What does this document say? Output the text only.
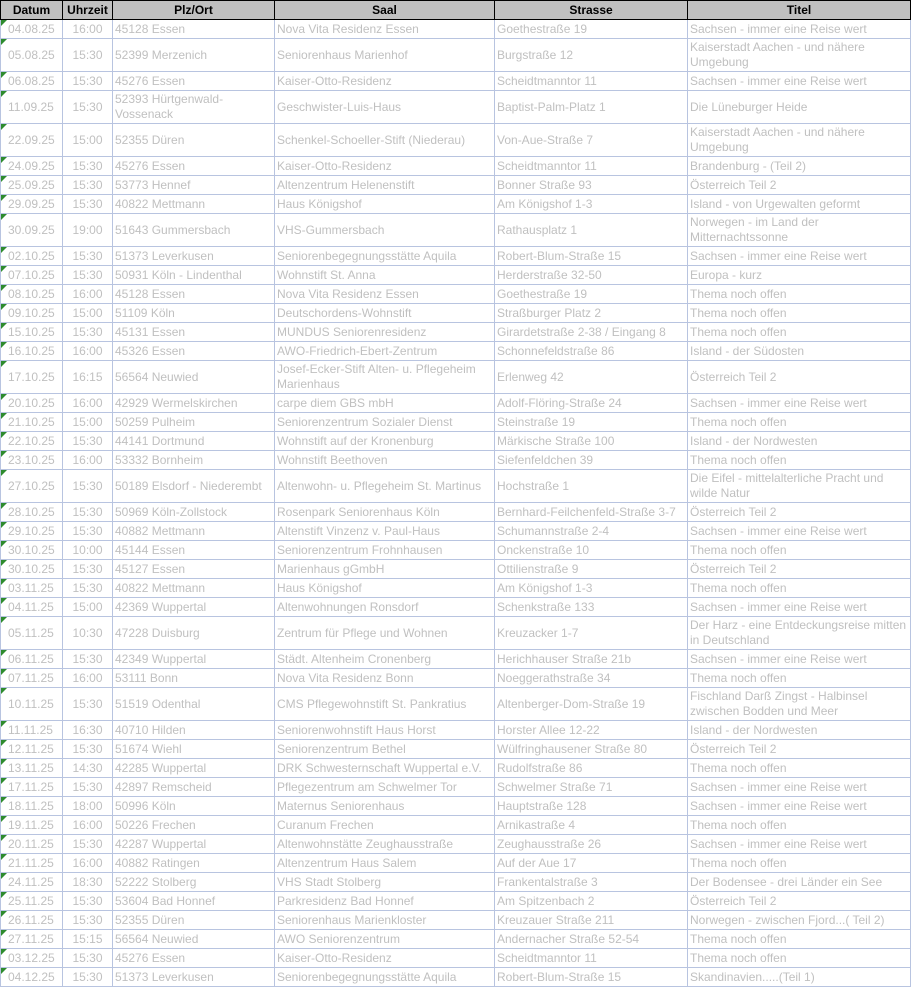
Datum	Uhrzeit	Plz/Ort	Saal	Strasse	Titel

04.08.25	16:00	45128 Essen	Nova Vita Residenz Essen	Goethestraße 19	Sachsen - immer eine Reise wert

05.08.25	15:30	52399 Merzenich	Seniorenhaus Marienhof	Burgstraße 12	Kaiserstadt Aachen - und nähere Umgebung

06.08.25	15:30	45276 Essen	Kaiser-Otto-Residenz	Scheidtmanntor 11	Sachsen - immer eine Reise wert

11.09.25	15:30	52393 Hürtgenwald-Vossenack	Geschwister-Luis-Haus	Baptist-Palm-Platz 1	Die Lüneburger Heide

22.09.25	15:00	52355 Düren	Schenkel-Schoeller-Stift (Niederau)	Von-Aue-Straße 7	Kaiserstadt Aachen - und nähere Umgebung

24.09.25	15:30	45276 Essen	Kaiser-Otto-Residenz	Scheidtmanntor 11	Brandenburg - (Teil 2)

25.09.25	15:30	53773 Hennef	Altenzentrum Helenenstift	Bonner Straße 93	Österreich Teil 2

29.09.25	15:30	40822 Mettmann	Haus Königshof	Am Königshof 1-3	Island - von Urgewalten geformt

30.09.25	19:00	51643 Gummersbach	VHS-Gummersbach	Rathausplatz 1	Norwegen - im Land der Mitternachtssonne

02.10.25	15:30	51373 Leverkusen	Seniorenbegegnungsstätte Aquila	Robert-Blum-Straße 15	Sachsen - immer eine Reise wert

07.10.25	15:30	50931 Köln - Lindenthal	Wohnstift St. Anna	Herderstraße 32-50	Europa - kurz

08.10.25	16:00	45128 Essen	Nova Vita Residenz Essen	Goethestraße 19	Thema noch offen

09.10.25	15:00	51109 Köln	Deutschordens-Wohnstift	Straßburger Platz 2	Thema noch offen

15.10.25	15:30	45131 Essen	MUNDUS Seniorenresidenz	Girardetstraße 2-38 / Eingang 8	Thema noch offen

16.10.25	16:00	45326 Essen	AWO-Friedrich-Ebert-Zentrum	Schonnefeldstraße 86	Island - der Südosten

17.10.25	16:15	56564 Neuwied	Josef-Ecker-Stift Alten- u. Pflegeheim Marienhaus	Erlenweg 42	Österreich Teil 2

20.10.25	16:00	42929 Wermelskirchen	carpe diem GBS mbH	Adolf-Flöring-Straße 24	Sachsen - immer eine Reise wert

21.10.25	15:00	50259 Pulheim	Seniorenzentrum Sozialer Dienst	Steinstraße 19	Thema noch offen

22.10.25	15:30	44141 Dortmund	Wohnstift auf der Kronenburg	Märkische Straße 100	Island - der Nordwesten

23.10.25	16:00	53332 Bornheim	Wohnstift Beethoven	Siefenfeldchen 39	Thema noch offen

27.10.25	15:30	50189 Elsdorf - Niederembt	Altenwohn- u. Pflegeheim St. Martinus	Hochstraße 1	Die Eifel - mittelalterliche Pracht und wilde Natur

28.10.25	15:30	50969 Köln-Zollstock	Rosenpark Seniorenhaus Köln	Bernhard-Feilchenfeld-Straße 3-7	Österreich Teil 2

29.10.25	15:30	40882 Mettmann	Altenstift Vinzenz v. Paul-Haus	Schumannstraße 2-4	Sachsen - immer eine Reise wert

30.10.25	10:00	45144 Essen	Seniorenzentrum Frohnhausen	Onckenstraße 10	Thema noch offen

30.10.25	15:30	45127 Essen	Marienhaus gGmbH	Ottilienstraße 9	Österreich Teil 2

03.11.25	15:30	40822 Mettmann	Haus Königshof	Am Königshof 1-3	Thema noch offen

04.11.25	15:00	42369 Wuppertal	Altenwohnungen Ronsdorf	Schenkstraße 133	Sachsen - immer eine Reise wert

05.11.25	10:30	47228 Duisburg	Zentrum für Pflege und Wohnen	Kreuzacker 1-7	Der Harz - eine Entdeckungsreise mitten in Deutschland

06.11.25	15:30	42349 Wuppertal	Städt. Altenheim Cronenberg	Herichhauser Straße 21b	Sachsen - immer eine Reise wert

07.11.25	16:00	53111 Bonn	Nova Vita Residenz Bonn	Noeggerathstraße 34	Thema noch offen

10.11.25	15:30	51519 Odenthal	CMS Pflegewohnstift St. Pankratius	Altenberger-Dom-Straße 19	Fischland Darß Zingst - Halbinsel zwischen Bodden und Meer

11.11.25	16:30	40710 Hilden	Seniorenwohnstift Haus Horst	Horster Allee 12-22	Island - der Nordwesten

12.11.25	15:30	51674 Wiehl	Seniorenzentrum Bethel	Wülfringhausener Straße 80	Österreich Teil 2

13.11.25	14:30	42285 Wuppertal	DRK Schwesternschaft Wuppertal e.V.	Rudolfstraße 86	Thema noch offen

17.11.25	15:30	42897 Remscheid	Pflegezentrum am Schwelmer Tor	Schwelmer Straße 71	Sachsen - immer eine Reise wert

18.11.25	18:00	50996 Köln	Maternus Seniorenhaus	Hauptstraße 128	Sachsen - immer eine Reise wert

19.11.25	16:00	50226 Frechen	Curanum Frechen	Arnikastraße 4	Thema noch offen

20.11.25	15:30	42287 Wuppertal	Altenwohnstätte Zeughausstraße	Zeughausstraße 26	Sachsen - immer eine Reise wert

21.11.25	16:00	40882 Ratingen	Altenzentrum Haus Salem	Auf der Aue 17	Thema noch offen

24.11.25	18:30	52222 Stolberg	VHS Stadt Stolberg	Frankentalstraße 3	Der Bodensee - drei Länder ein See

25.11.25	15:30	53604 Bad Honnef	Parkresidenz Bad Honnef	Am Spitzenbach 2	Österreich Teil 2

26.11.25	15:30	52355 Düren	Seniorenhaus Marienkloster	Kreuzauer Straße 211	Norwegen - zwischen Fjord...( Teil 2)

27.11.25	15:15	56564 Neuwied	AWO Seniorenzentrum	Andernacher Straße 52-54	Thema noch offen

03.12.25	15:30	45276 Essen	Kaiser-Otto-Residenz	Scheidtmanntor 11	Thema noch offen

04.12.25	15:30	51373 Leverkusen	Seniorenbegegnungsstätte Aquila	Robert-Blum-Straße 15	Skandinavien.....(Teil 1)
